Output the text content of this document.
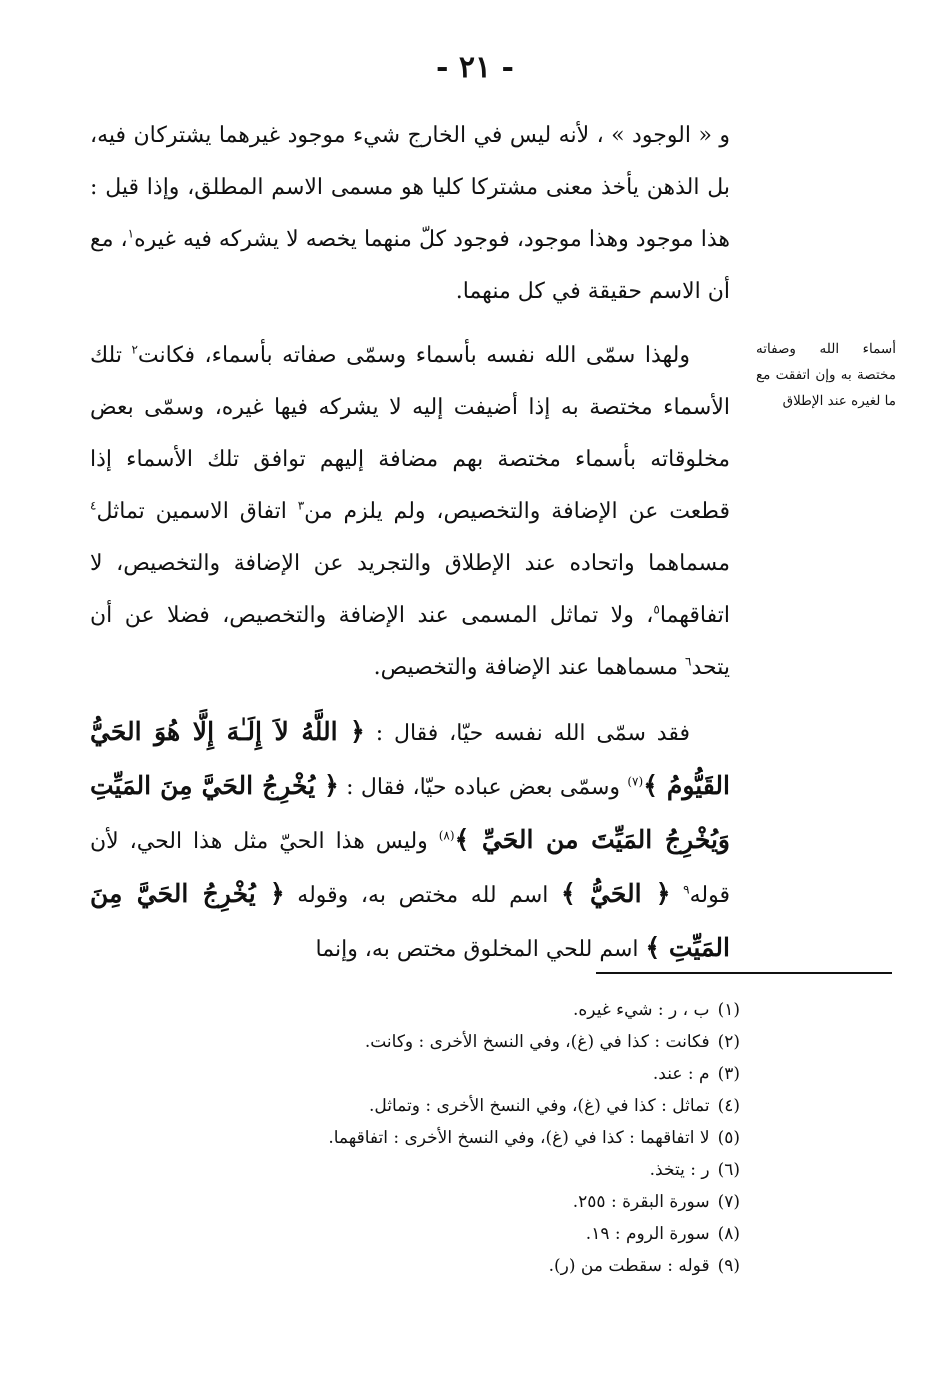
- ٢١ -

و « الوجود » ، لأنه ليس في الخارج شيء موجود غيرهما يشتركان فيه، بل الذهن يأخذ معنى مشتركا كليا هو مسمى الاسم المطلق، وإذا قيل : هذا موجود وهذا موجود، فوجود كلّ منهما يخصه لا يشركه فيه غيره$^١$، مع أن الاسم حقيقة في كل منهما.

ولهذا سمّى الله نفسه بأسماء وسمّى صفاته بأسماء، فكانت$^٢$ تلك الأسماء مختصة به إذا أضيفت إليه لا يشركه فيها غيره، وسمّى بعض مخلوقاته بأسماء مختصة بهم مضافة إليهم توافق تلك الأسماء إذا قطعت عن الإضافة والتخصيص، ولم يلزم من$^٣$ اتفاق الاسمين تماثل$^٤$ مسماهما واتحاده عند الإطلاق والتجريد عن الإضافة والتخصيص، لا اتفاقهما$^٥$، ولا تماثل المسمى عند الإضافة والتخصيص، فضلا عن أن يتحد$^٦$ مسماهما عند الإضافة والتخصيص.

فقد سمّى الله نفسه حيّا، فقال : ﴿ اللَّهُ لاَ إِلَـٰهَ إِلَّا هُوَ الحَيُّ القَيُّومُ ﴾$^{(٧)}$ وسمّى بعض عباده حيّا، فقال : ﴿ يُخْرِجُ الحَيَّ مِنَ المَيِّتِ وَيُخْرِجُ المَيِّتَ من الحَيِّ ﴾$^{(٨)}$ وليس هذا الحيّ مثل هذا الحي، لأن قوله$^٩$ ﴿ الحَيُّ ﴾ اسم لله مختص به، وقوله ﴿ يُخْرِجُ الحَيَّ مِنَ المَيِّتِ ﴾ اسم للحي المخلوق مختص به، وإنما

أسماء الله وصفاته مختصة به وإن اتفقت مع ما لغيره عند الإطلاق
(١)ب ، ر : شيء غيره.
(٢)فكانت : كذا في (غ)، وفي النسخ الأخرى : وكانت.
(٣)م : عند.
(٤)تماثل : كذا في (غ)، وفي النسخ الأخرى : وتماثل.
(٥)لا اتفاقهما : كذا في (غ)، وفي النسخ الأخرى : اتفاقهما.
(٦)ر : يتخذ.
(٧)سورة البقرة : ٢٥٥.
(٨)سورة الروم : ١٩.
(٩)قوله : سقطت من (ر).
